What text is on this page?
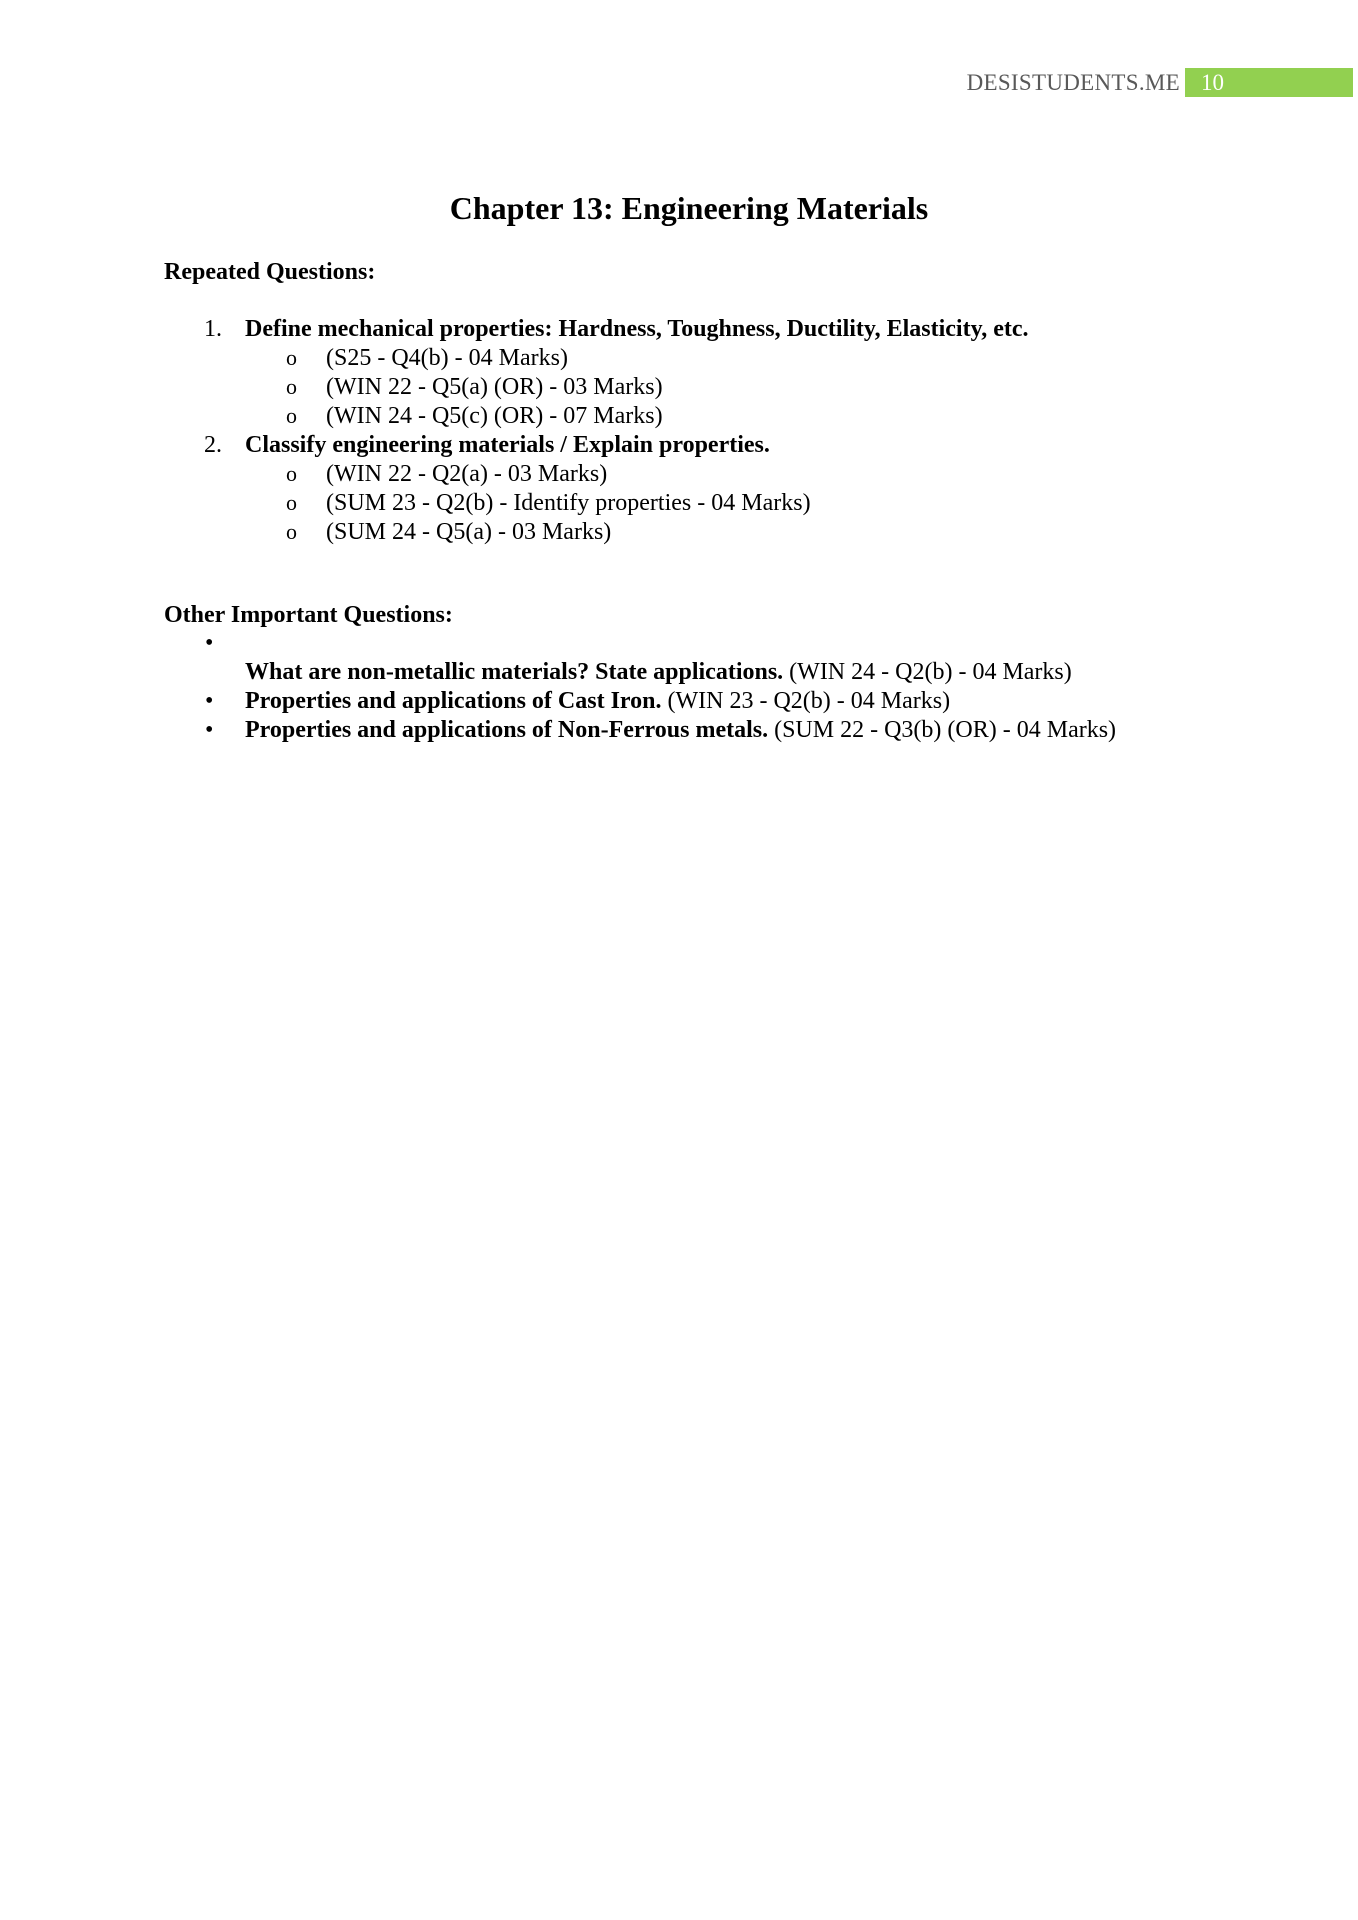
DESISTUDENTS.ME 10
Chapter 13: Engineering Materials
Repeated Questions:
1. Define mechanical properties: Hardness, Toughness, Ductility, Elasticity, etc.
o (S25 - Q4(b) - 04 Marks)
o (WIN 22 - Q5(a) (OR) - 03 Marks)
o (WIN 24 - Q5(c) (OR) - 07 Marks)
2. Classify engineering materials / Explain properties.
o (WIN 22 - Q2(a) - 03 Marks)
o (SUM 23 - Q2(b) - Identify properties - 04 Marks)
o (SUM 24 - Q5(a) - 03 Marks)
Other Important Questions:
•
What are non-metallic materials? State applications. (WIN 24 - Q2(b) - 04 Marks)
• Properties and applications of Cast Iron. (WIN 23 - Q2(b) - 04 Marks)
• Properties and applications of Non-Ferrous metals. (SUM 22 - Q3(b) (OR) - 04 Marks)
